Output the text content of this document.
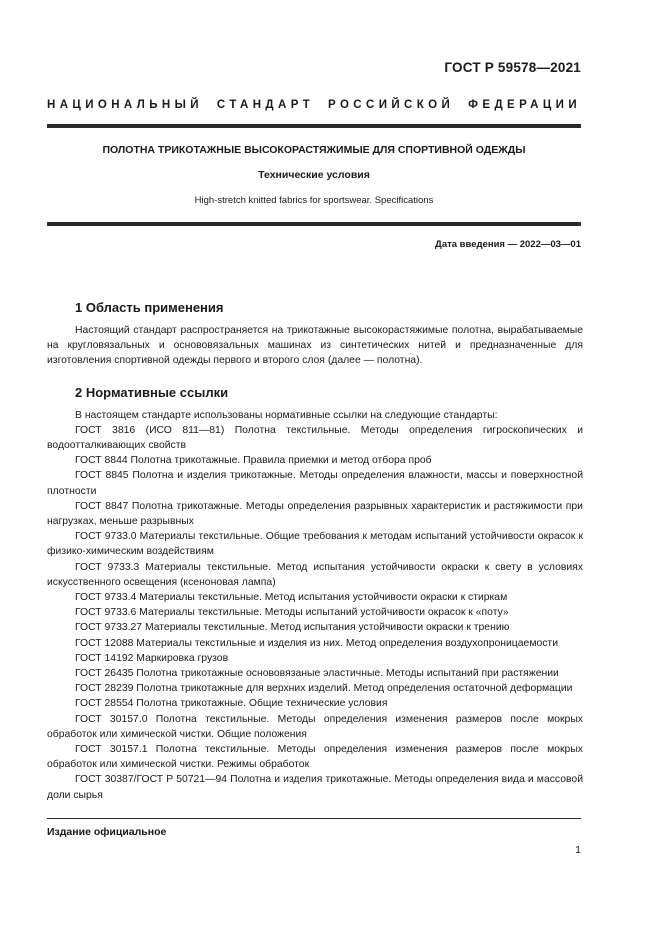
ГОСТ Р 59578—2021
НАЦИОНАЛЬНЫЙ СТАНДАРТ РОССИЙСКОЙ ФЕДЕРАЦИИ
ПОЛОТНА ТРИКОТАЖНЫЕ ВЫСОКОРАСТЯЖИМЫЕ ДЛЯ СПОРТИВНОЙ ОДЕЖДЫ
Технические условия
High-stretch knitted fabrics for sportswear. Specifications
Дата введения — 2022—03—01
1 Область применения

Настоящий стандарт распространяется на трикотажные высокорастяжимые полотна, вырабатываемые на кругловязальных и основовязальных машинах из синтетических нитей и предназначенные для изготовления спортивной одежды первого и второго слоя (далее — полотна).

2 Нормативные ссылки

В настоящем стандарте использованы нормативные ссылки на следующие стандарты:

ГОСТ 3816 (ИСО 811—81) Полотна текстильные. Методы определения гигроскопических и водоотталкивающих свойств

ГОСТ 8844 Полотна трикотажные. Правила приемки и метод отбора проб

ГОСТ 8845 Полотна и изделия трикотажные. Методы определения влажности, массы и поверхностной плотности

ГОСТ 8847 Полотна трикотажные. Методы определения разрывных характеристик и растяжимости при нагрузках, меньше разрывных

ГОСТ 9733.0 Материалы текстильные. Общие требования к методам испытаний устойчивости окрасок к физико-химическим воздействиям

ГОСТ 9733.3 Материалы текстильные. Метод испытания устойчивости окраски к свету в условиях искусственного освещения (ксеноновая лампа)

ГОСТ 9733.4 Материалы текстильные. Метод испытания устойчивости окраски к стиркам

ГОСТ 9733.6 Материалы текстильные. Методы испытаний устойчивости окрасок к «поту»

ГОСТ 9733.27 Материалы текстильные. Метод испытания устойчивости окраски к трению

ГОСТ 12088 Материалы текстильные и изделия из них. Метод определения воздухопроницаемости

ГОСТ 14192 Маркировка грузов

ГОСТ 26435 Полотна трикотажные основовязаные эластичные. Методы испытаний при растяжении

ГОСТ 28239 Полотна трикотажные для верхних изделий. Метод определения остаточной деформации

ГОСТ 28554 Полотна трикотажные. Общие технические условия

ГОСТ 30157.0 Полотна текстильные. Методы определения изменения размеров после мокрых обработок или химической чистки. Общие положения

ГОСТ 30157.1 Полотна текстильные. Методы определения изменения размеров после мокрых обработок или химической чистки. Режимы обработок

ГОСТ 30387/ГОСТ Р 50721—94 Полотна и изделия трикотажные. Методы определения вида и массовой доли сырья

Издание официальное
1
